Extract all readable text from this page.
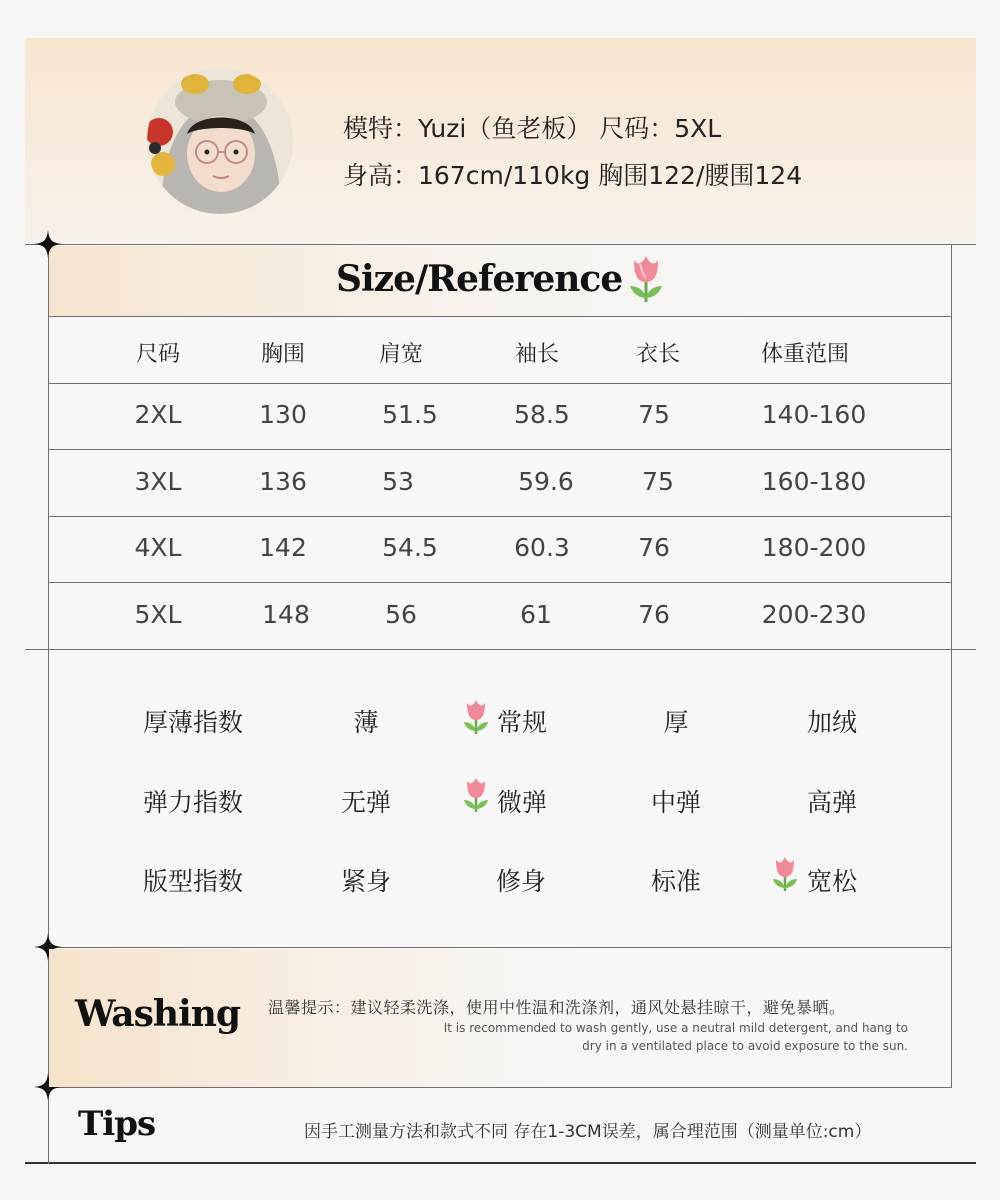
模特：Yuzi（鱼老板） 尺码：5XL
身高：167cm/110kg 胸围122/腰围124
Size/Reference
尺码	胸围	肩宽	袖长	衣长	体重范围
2XL	130	51.5	58.5	75	140-160
3XL	136	53	59.6	75	160-180
4XL	142	54.5	60.3	76	180-200
5XL	148	56	61	76	200-230
厚薄指数	薄	常规	厚	加绒
弹力指数	无弹	微弹	中弹	高弹
版型指数	紧身	修身	标准	宽松
Washing 温馨提示：建议轻柔洗涤，使用中性温和洗涤剂，通风处悬挂晾干，避免暴晒。
It is recommended to wash gently, use a neutral mild detergent, and hang to
dry in a ventilated place to avoid exposure to the sun.
Tips	因手工测量方法和款式不同 存在1-3CM误差，属合理范围（测量单位:cm）
